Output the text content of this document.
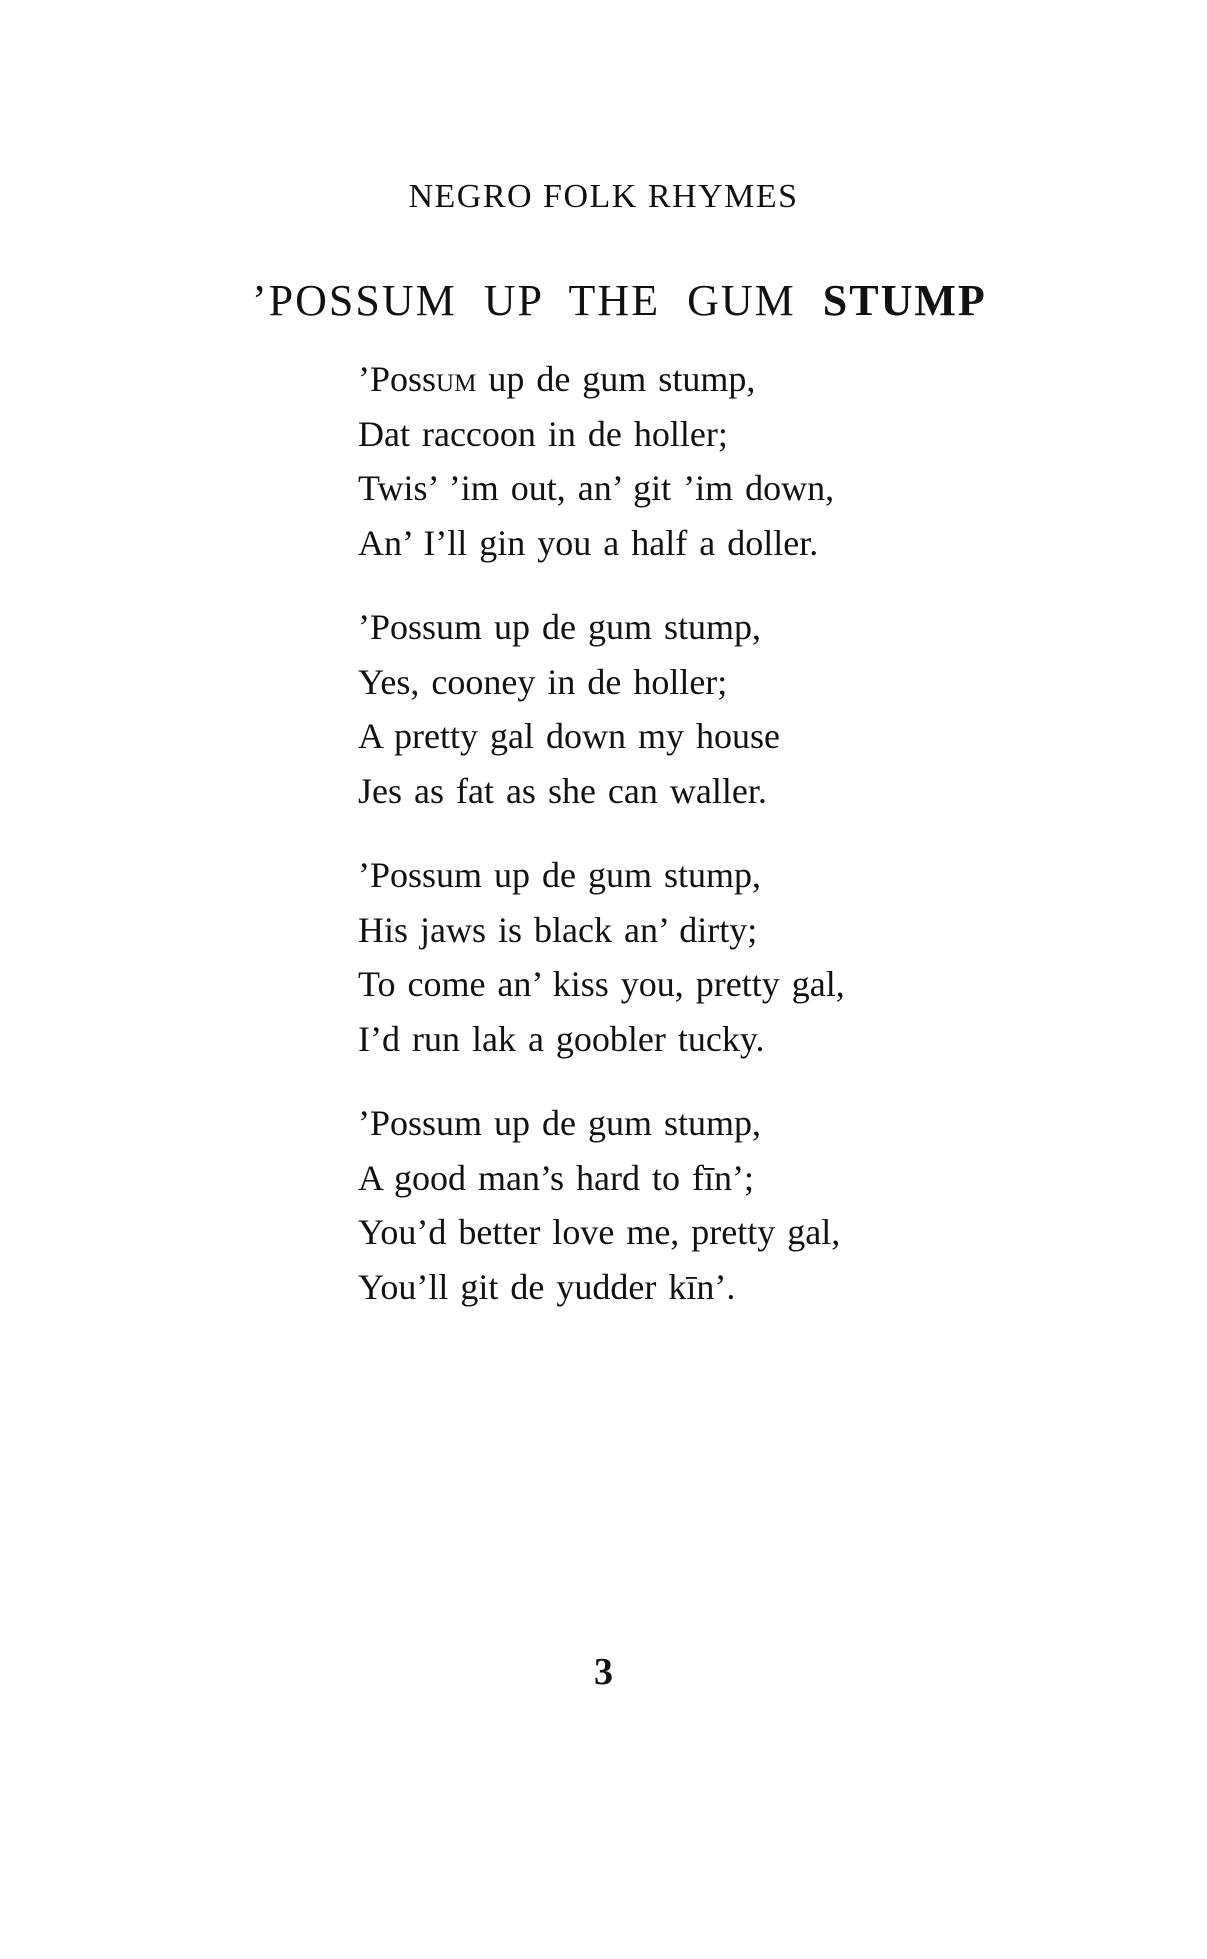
NEGRO FOLK RHYMES
’POSSUM UP THE GUM STUMP
’Possum up de gum stump,
Dat raccoon in de holler;
Twis’ ’im out, an’ git ’im down,
An’ I’ll gin you a half a doller.
’Possum up de gum stump,
Yes, cooney in de holler;
A pretty gal down my house
Jes as fat as she can waller.
’Possum up de gum stump,
His jaws is black an’ dirty;
To come an’ kiss you, pretty gal,
I’d run lak a goobler tucky.
’Possum up de gum stump,
A good man’s hard to fīn’;
You’d better love me, pretty gal,
You’ll git de yudder kīn’.
3
